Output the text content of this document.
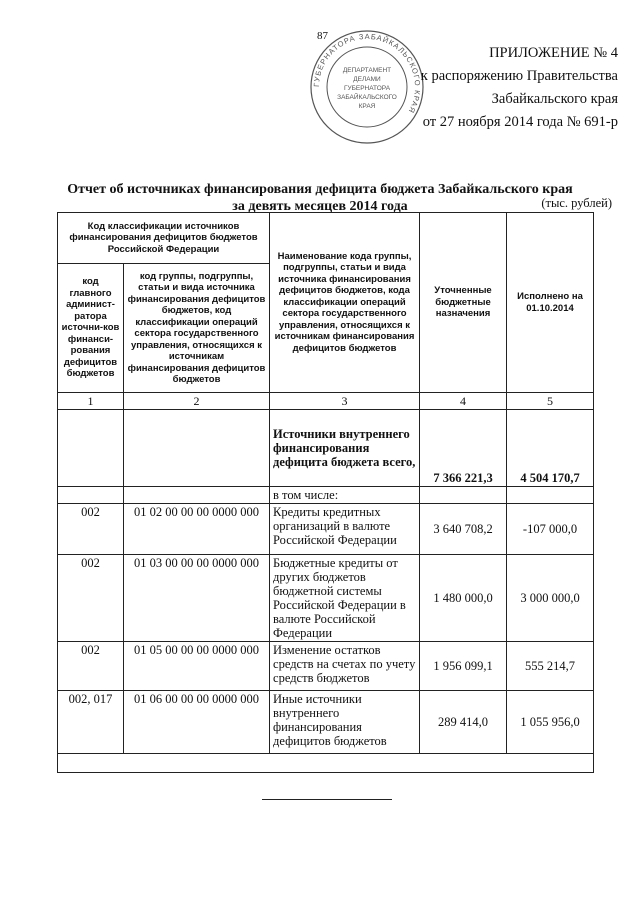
87
ГУБЕРНАТОРА ЗАБАЙКАЛЬСКОГО КРАЯ
ДЕПАРТАМЕНТ
ДЕЛАМИ
ГУБЕРНАТОРА
ЗАБАЙКАЛЬСКОГО
КРАЯ
ПРИЛОЖЕНИЕ № 4
к распоряжению Правительства
Забайкальского края
от 27 ноября 2014 года № 691-р
Отчет об источниках финансирования дефицита бюджета Забайкальского края
за девять месяцев 2014 года	(тыс. рублей)
Код классификации источников финансирования дефицитов бюджетов Российской Федерации		Наименование кода группы, подгруппы, статьи и вида источника финансирования дефицитов бюджетов, кода классификации операций сектора государственного управления, относящихся к источникам финансирования дефицитов бюджетов	Уточненные бюджетные назначения	Исполнено на 01.10.2014
код главного админист-ратора источни-ков финанси-рования дефицитов бюджетов	код группы, подгруппы, статьи и вида источника финансирования дефицитов бюджетов, код классификации операций сектора государственного управления, относящихся к источникам финансирования дефицитов бюджетов			
1	2	3	4	5
		Источники внутреннего финансирования дефицита бюджета всего,	7 366 221,3	4 504 170,7
		в том числе:		
002	01 02 00 00 00 0000 000	Кредиты кредитных организаций в валюте Российской Федерации	3 640 708,2	-107 000,0
002	01 03 00 00 00 0000 000	Бюджетные кредиты от других бюджетов бюджетной системы Российской Федерации в валюте Российской Федерации	1 480 000,0	3 000 000,0
002	01 05 00 00 00 0000 000	Изменение остатков средств на счетах по учету средств бюджетов	1 956 099,1	555 214,7
002, 017	01 06 00 00 00 0000 000	Иные источники внутреннего финансирования дефицитов бюджетов	289 414,0	1 055 956,0
